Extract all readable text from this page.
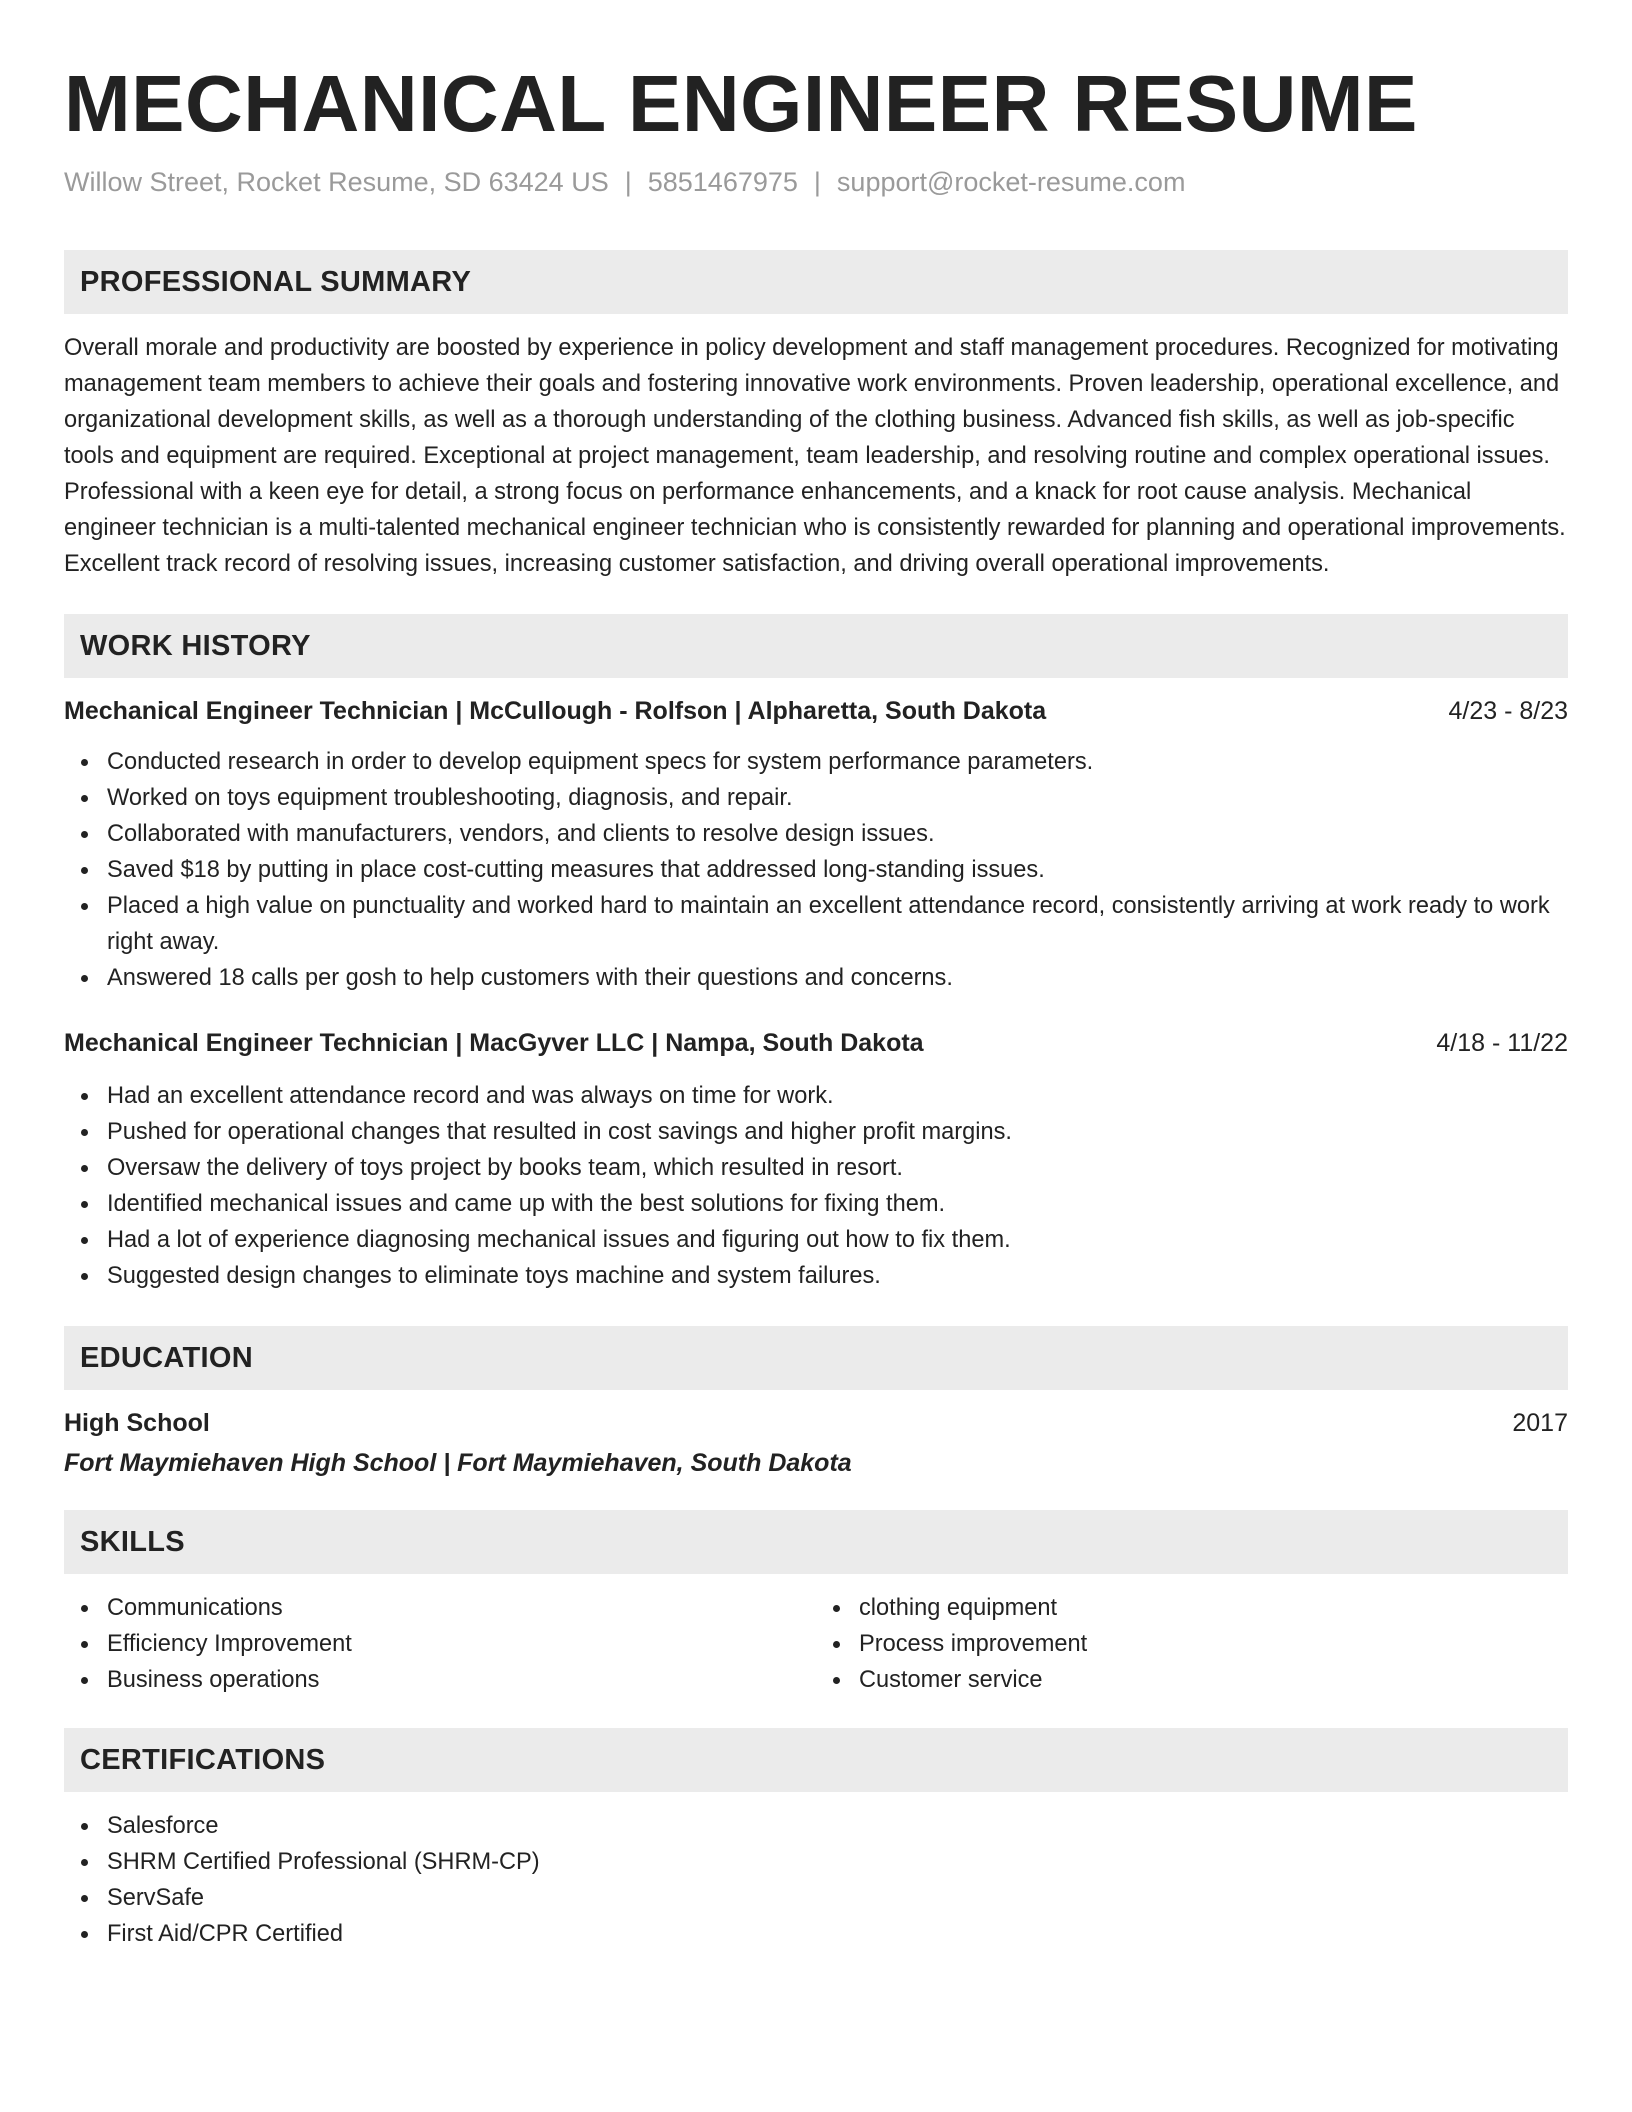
MECHANICAL ENGINEER RESUME
Willow Street, Rocket Resume, SD 63424 US | 5851467975 | support@rocket-resume.com
PROFESSIONAL SUMMARY

Overall morale and productivity are boosted by experience in policy development and staff management procedures. Recognized for motivating management team members to achieve their goals and fostering innovative work environments. Proven leadership, operational excellence, and organizational development skills, as well as a thorough understanding of the clothing business. Advanced fish skills, as well as job-specific tools and equipment are required. Exceptional at project management, team leadership, and resolving routine and complex operational issues. Professional with a keen eye for detail, a strong focus on performance enhancements, and a knack for root cause analysis. Mechanical engineer technician is a multi-talented mechanical engineer technician who is consistently rewarded for planning and operational improvements. Excellent track record of resolving issues, increasing customer satisfaction, and driving overall operational improvements.

WORK HISTORY
Mechanical Engineer Technician | McCullough - Rolfson | Alpharetta, South Dakota	4/23 - 8/23
Conducted research in order to develop equipment specs for system performance parameters.
Worked on toys equipment troubleshooting, diagnosis, and repair.
Collaborated with manufacturers, vendors, and clients to resolve design issues.
Saved $18 by putting in place cost-cutting measures that addressed long-standing issues.
Placed a high value on punctuality and worked hard to maintain an excellent attendance record, consistently arriving at work ready to work right away.
Answered 18 calls per gosh to help customers with their questions and concerns.
Mechanical Engineer Technician | MacGyver LLC | Nampa, South Dakota	4/18 - 11/22
Had an excellent attendance record and was always on time for work.
Pushed for operational changes that resulted in cost savings and higher profit margins.
Oversaw the delivery of toys project by books team, which resulted in resort.
Identified mechanical issues and came up with the best solutions for fixing them.
Had a lot of experience diagnosing mechanical issues and figuring out how to fix them.
Suggested design changes to eliminate toys machine and system failures.
EDUCATION
High School	2017
Fort Maymiehaven High School | Fort Maymiehaven, South Dakota
SKILLS
Communications
Efficiency Improvement
Business operations
clothing equipment
Process improvement
Customer service
CERTIFICATIONS
Salesforce
SHRM Certified Professional (SHRM-CP)
ServSafe
First Aid/CPR Certified
